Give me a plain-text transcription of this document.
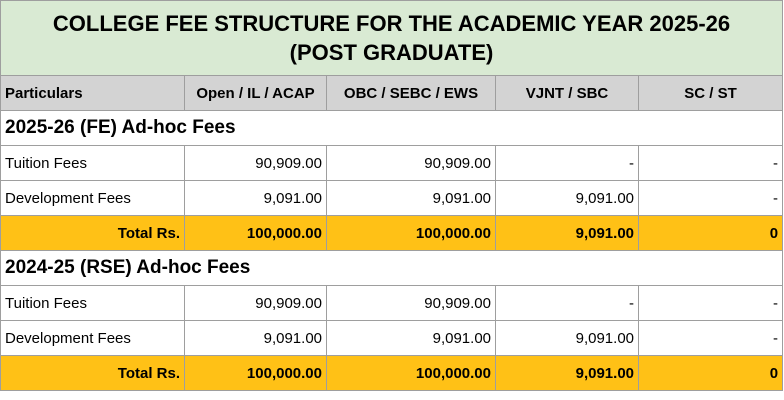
COLLEGE FEE STRUCTURE FOR THE ACADEMIC YEAR 2025-26
(POST GRADUATE)				

Particulars	Open / IL / ACAP	OBC / SEBC / EWS	VJNT / SBC	SC / ST
2025-26 (FE) Ad-hoc Fees				
Tuition Fees	90,909.00	90,909.00	-	-
Development Fees	9,091.00	9,091.00	9,091.00	-
Total Rs.	100,000.00	100,000.00	9,091.00	0
2024-25 (RSE) Ad-hoc Fees				
Tuition Fees	90,909.00	90,909.00	-	-
Development Fees	9,091.00	9,091.00	9,091.00	-
Total Rs.	100,000.00	100,000.00	9,091.00	0
